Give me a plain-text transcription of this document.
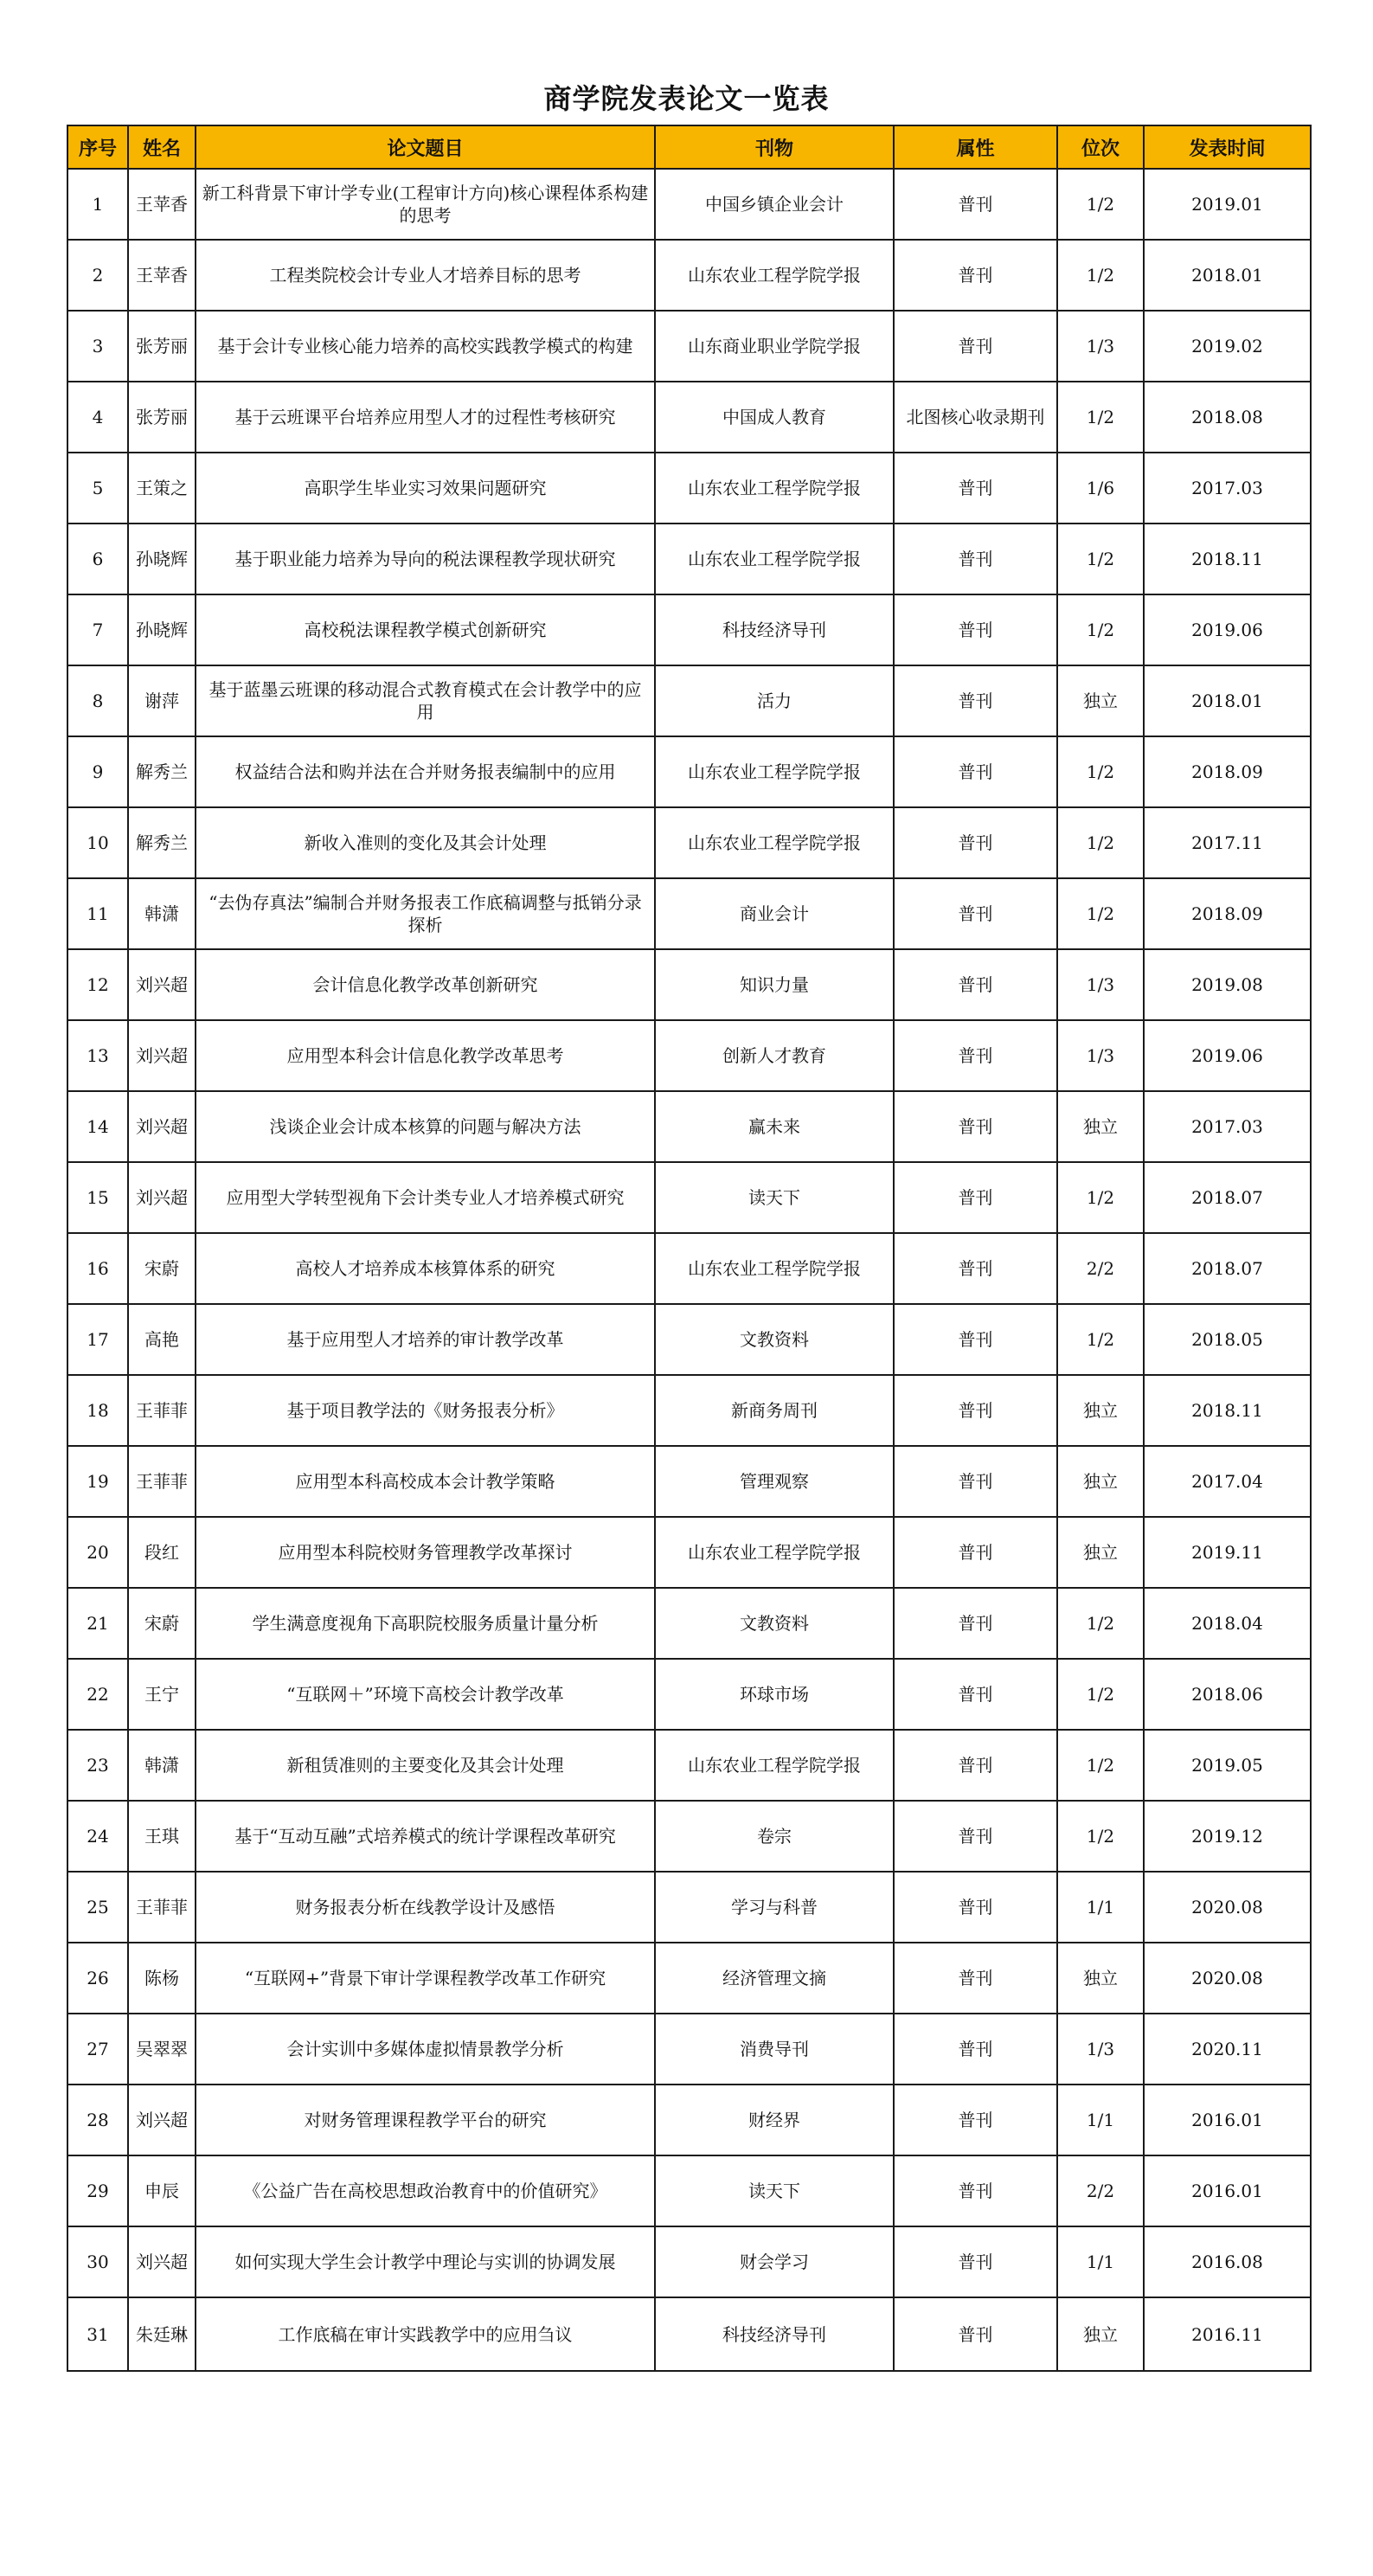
商学院发表论文一览表
序号	姓名	论文题目	刊物	属性	位次	发表时间
1	王苹香	新工科背景下审计学专业(工程审计方向)核心课程体系构建的思考	中国乡镇企业会计	普刊	1/2	2019.01
2	王苹香	工程类院校会计专业人才培养目标的思考	山东农业工程学院学报	普刊	1/2	2018.01
3	张芳丽	基于会计专业核心能力培养的高校实践教学模式的构建	山东商业职业学院学报	普刊	1/3	2019.02
4	张芳丽	基于云班课平台培养应用型人才的过程性考核研究	中国成人教育	北图核心收录期刊	1/2	2018.08
5	王策之	高职学生毕业实习效果问题研究	山东农业工程学院学报	普刊	1/6	2017.03
6	孙晓辉	基于职业能力培养为导向的税法课程教学现状研究	山东农业工程学院学报	普刊	1/2	2018.11
7	孙晓辉	高校税法课程教学模式创新研究	科技经济导刊	普刊	1/2	2019.06
8	谢萍	基于蓝墨云班课的移动混合式教育模式在会计教学中的应用	活力	普刊	独立	2018.01
9	解秀兰	权益结合法和购并法在合并财务报表编制中的应用	山东农业工程学院学报	普刊	1/2	2018.09
10	解秀兰	新收入准则的变化及其会计处理	山东农业工程学院学报	普刊	1/2	2017.11
11	韩潇	“去伪存真法”编制合并财务报表工作底稿调整与抵销分录探析	商业会计	普刊	1/2	2018.09
12	刘兴超	会计信息化教学改革创新研究	知识力量	普刊	1/3	2019.08
13	刘兴超	应用型本科会计信息化教学改革思考	创新人才教育	普刊	1/3	2019.06
14	刘兴超	浅谈企业会计成本核算的问题与解决方法	赢未来	普刊	独立	2017.03
15	刘兴超	应用型大学转型视角下会计类专业人才培养模式研究	读天下	普刊	1/2	2018.07
16	宋蔚	高校人才培养成本核算体系的研究	山东农业工程学院学报	普刊	2/2	2018.07
17	高艳	基于应用型人才培养的审计教学改革	文教资料	普刊	1/2	2018.05
18	王菲菲	基于项目教学法的《财务报表分析》	新商务周刊	普刊	独立	2018.11
19	王菲菲	应用型本科高校成本会计教学策略	管理观察	普刊	独立	2017.04
20	段红	应用型本科院校财务管理教学改革探讨	山东农业工程学院学报	普刊	独立	2019.11
21	宋蔚	学生满意度视角下高职院校服务质量计量分析	文教资料	普刊	1/2	2018.04
22	王宁	“互联网＋”环境下高校会计教学改革	环球市场	普刊	1/2	2018.06
23	韩潇	新租赁准则的主要变化及其会计处理	山东农业工程学院学报	普刊	1/2	2019.05
24	王琪	基于“互动互融”式培养模式的统计学课程改革研究	卷宗	普刊	1/2	2019.12
25	王菲菲	财务报表分析在线教学设计及感悟	学习与科普	普刊	1/1	2020.08
26	陈杨	“互联网+”背景下审计学课程教学改革工作研究	经济管理文摘	普刊	独立	2020.08
27	吴翠翠	会计实训中多媒体虚拟情景教学分析	消费导刊	普刊	1/3	2020.11
28	刘兴超	对财务管理课程教学平台的研究	财经界	普刊	1/1	2016.01
29	申辰	《公益广告在高校思想政治教育中的价值研究》	读天下	普刊	2/2	2016.01
30	刘兴超	如何实现大学生会计教学中理论与实训的协调发展	财会学习	普刊	1/1	2016.08
31	朱廷琳	工作底稿在审计实践教学中的应用刍议	科技经济导刊	普刊	独立	2016.11
